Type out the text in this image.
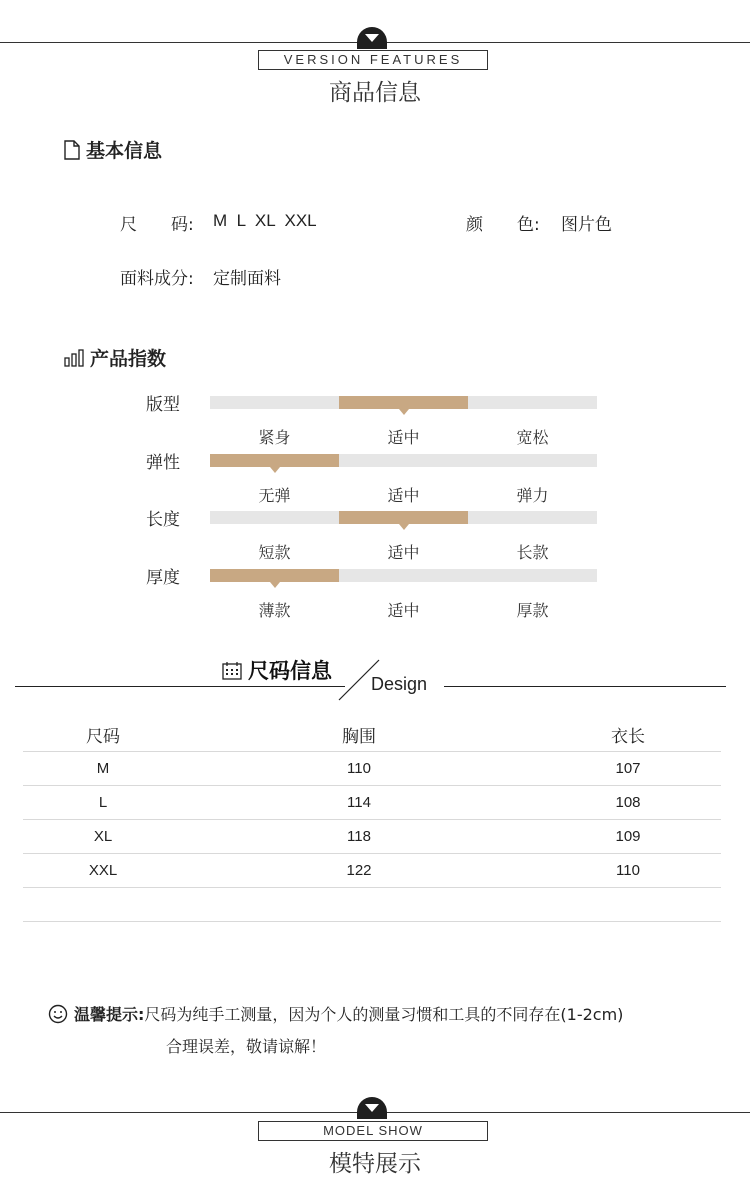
VERSION FEATURES
商品信息
基本信息
尺　　码: M  L  XL  XXL	颜　　色: 图片色
面料成分: 定制面料
产品指数
版型
紧身	适中	宽松
弹性
无弹	适中	弹力
长度
短款	适中	长款
厚度
薄款	适中	厚款
尺码信息
Design
尺码	胸围	衣长
M	110	107
L	114	108
XL	118	109
XXL	122	110

温馨提示:尺码为纯手工测量，因为个人的测量习惯和工具的不同存在(1-2cm)
合理误差，敬请谅解！
MODEL SHOW
模特展示
